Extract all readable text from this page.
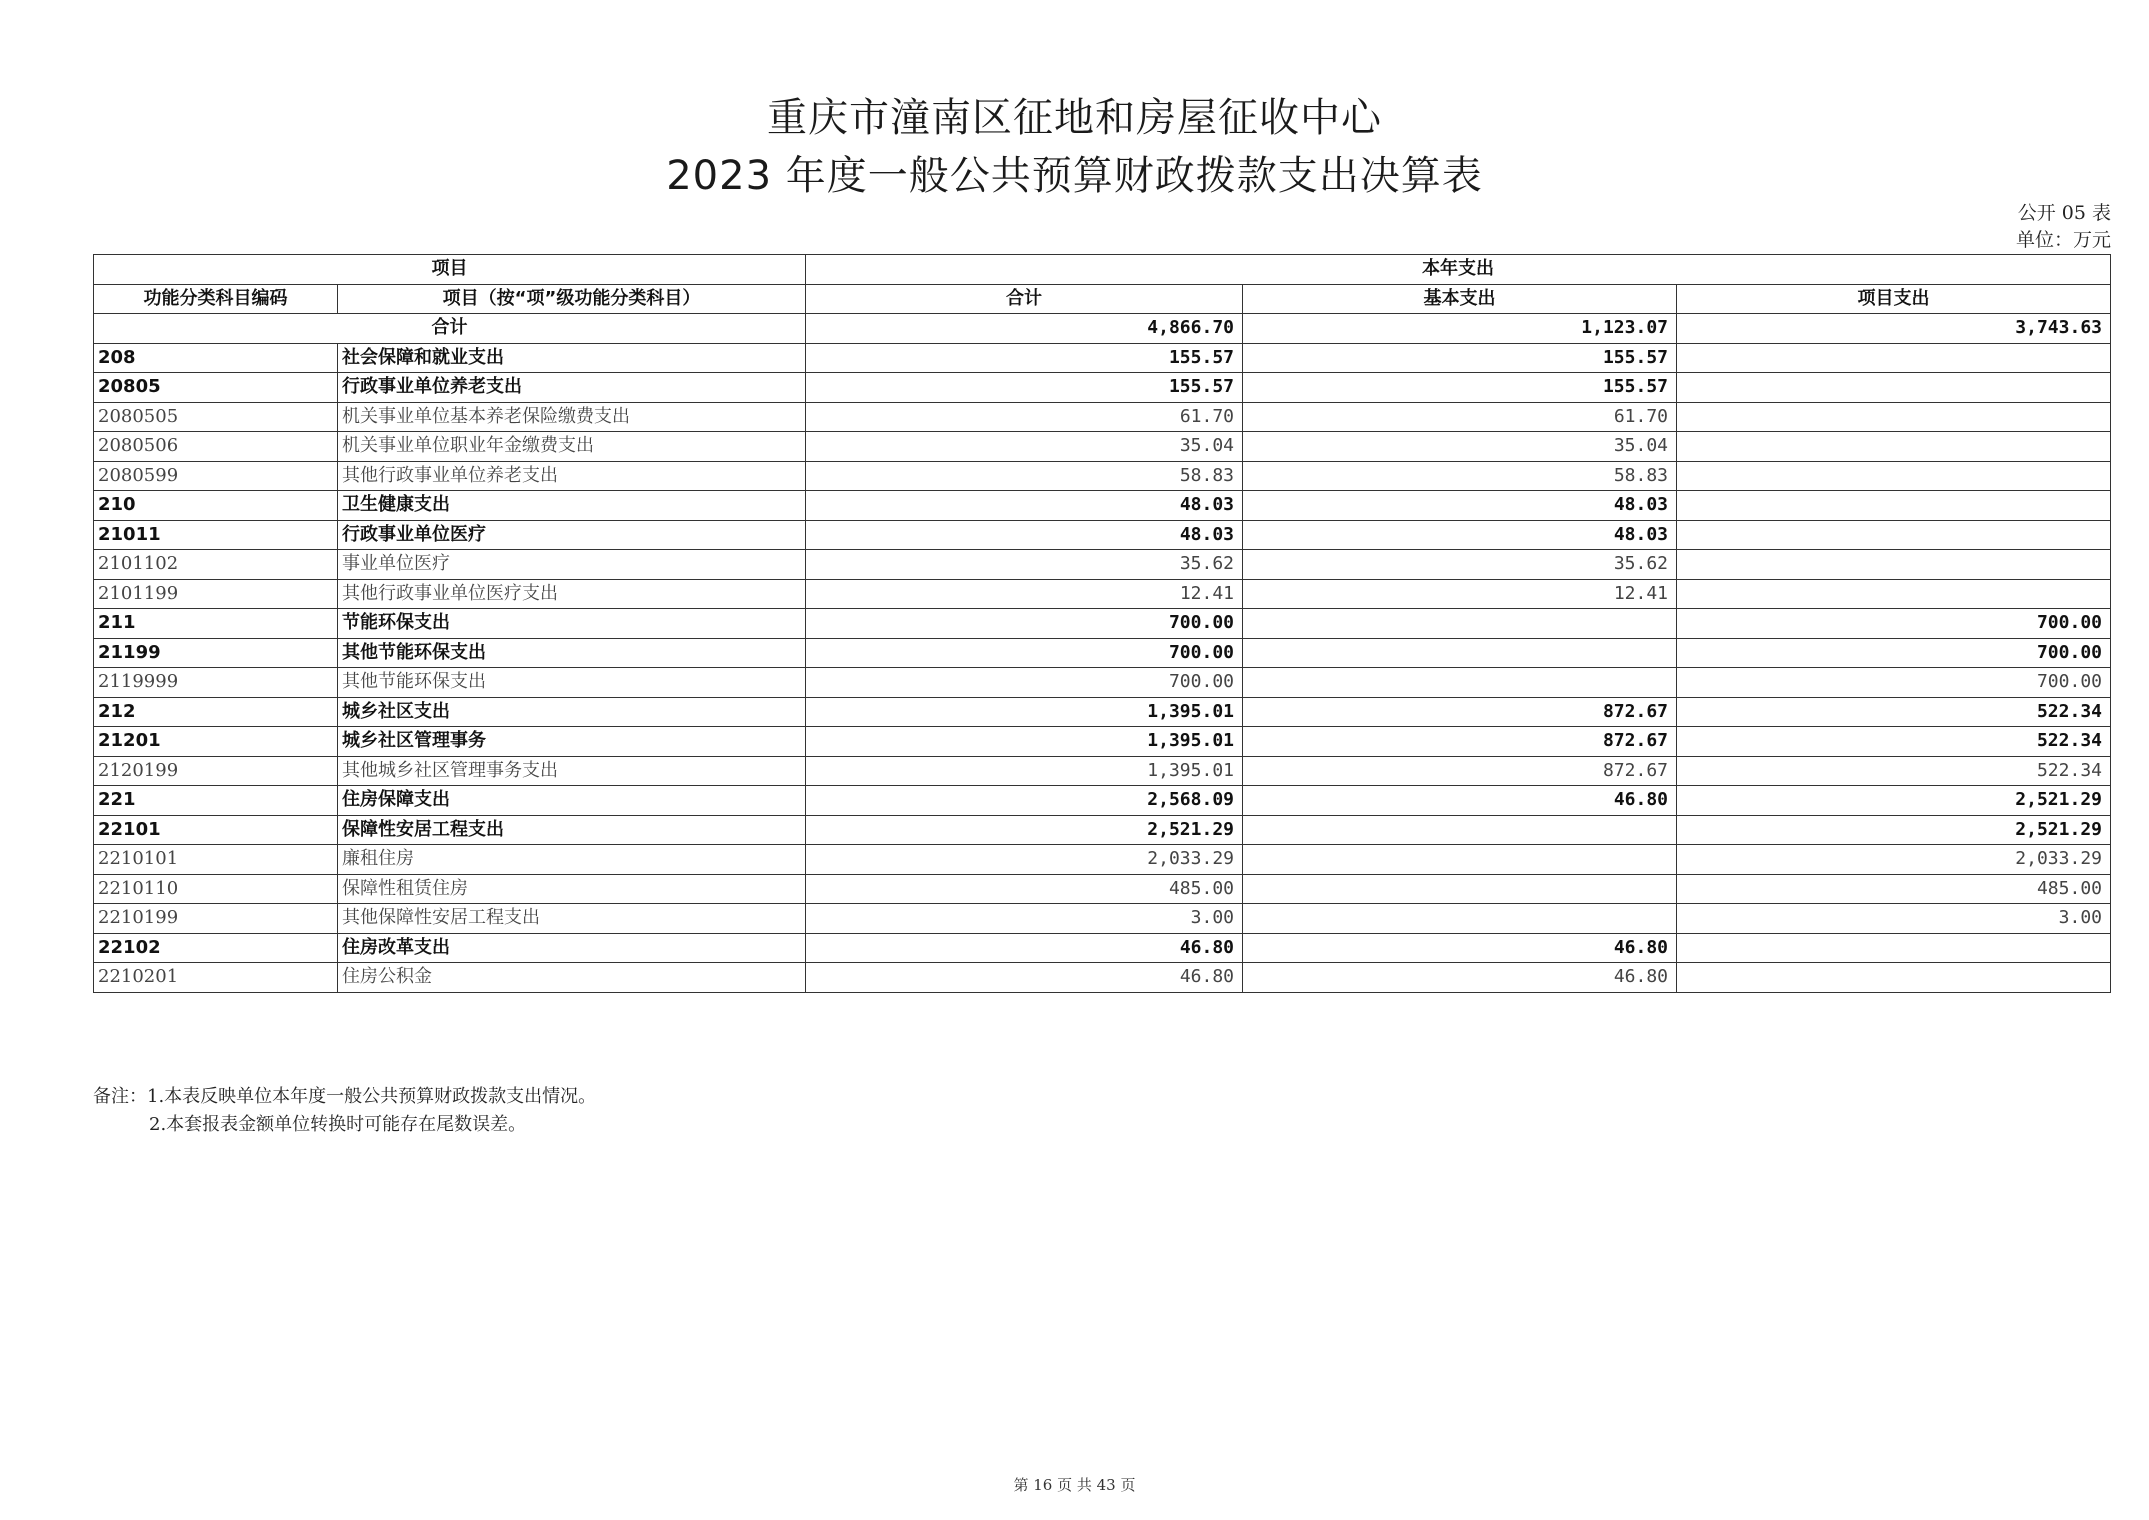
重庆市潼南区征地和房屋征收中心
2023 年度一般公共预算财政拨款支出决算表
公开 05 表
单位：万元
项目		本年支出		
功能分类科目编码	项目（按“项”级功能分类科目）	合计	基本支出	项目支出
合计		4,866.70	1,123.07	3,743.63
208	社会保障和就业支出	155.57	155.57	
20805	行政事业单位养老支出	155.57	155.57	
2080505	机关事业单位基本养老保险缴费支出	61.70	61.70	
2080506	机关事业单位职业年金缴费支出	35.04	35.04	
2080599	其他行政事业单位养老支出	58.83	58.83	
210	卫生健康支出	48.03	48.03	
21011	行政事业单位医疗	48.03	48.03	
2101102	事业单位医疗	35.62	35.62	
2101199	其他行政事业单位医疗支出	12.41	12.41	
211	节能环保支出	700.00		700.00
21199	其他节能环保支出	700.00		700.00
2119999	其他节能环保支出	700.00		700.00
212	城乡社区支出	1,395.01	872.67	522.34
21201	城乡社区管理事务	1,395.01	872.67	522.34
2120199	其他城乡社区管理事务支出	1,395.01	872.67	522.34
221	住房保障支出	2,568.09	46.80	2,521.29
22101	保障性安居工程支出	2,521.29		2,521.29
2210101	廉租住房	2,033.29		2,033.29
2210110	保障性租赁住房	485.00		485.00
2210199	其他保障性安居工程支出	3.00		3.00
22102	住房改革支出	46.80	46.80	
2210201	住房公积金	46.80	46.80	
备注：1.本表反映单位本年度一般公共预算财政拨款支出情况。
2.本套报表金额单位转换时可能存在尾数误差。
第 16 页 共 43 页
